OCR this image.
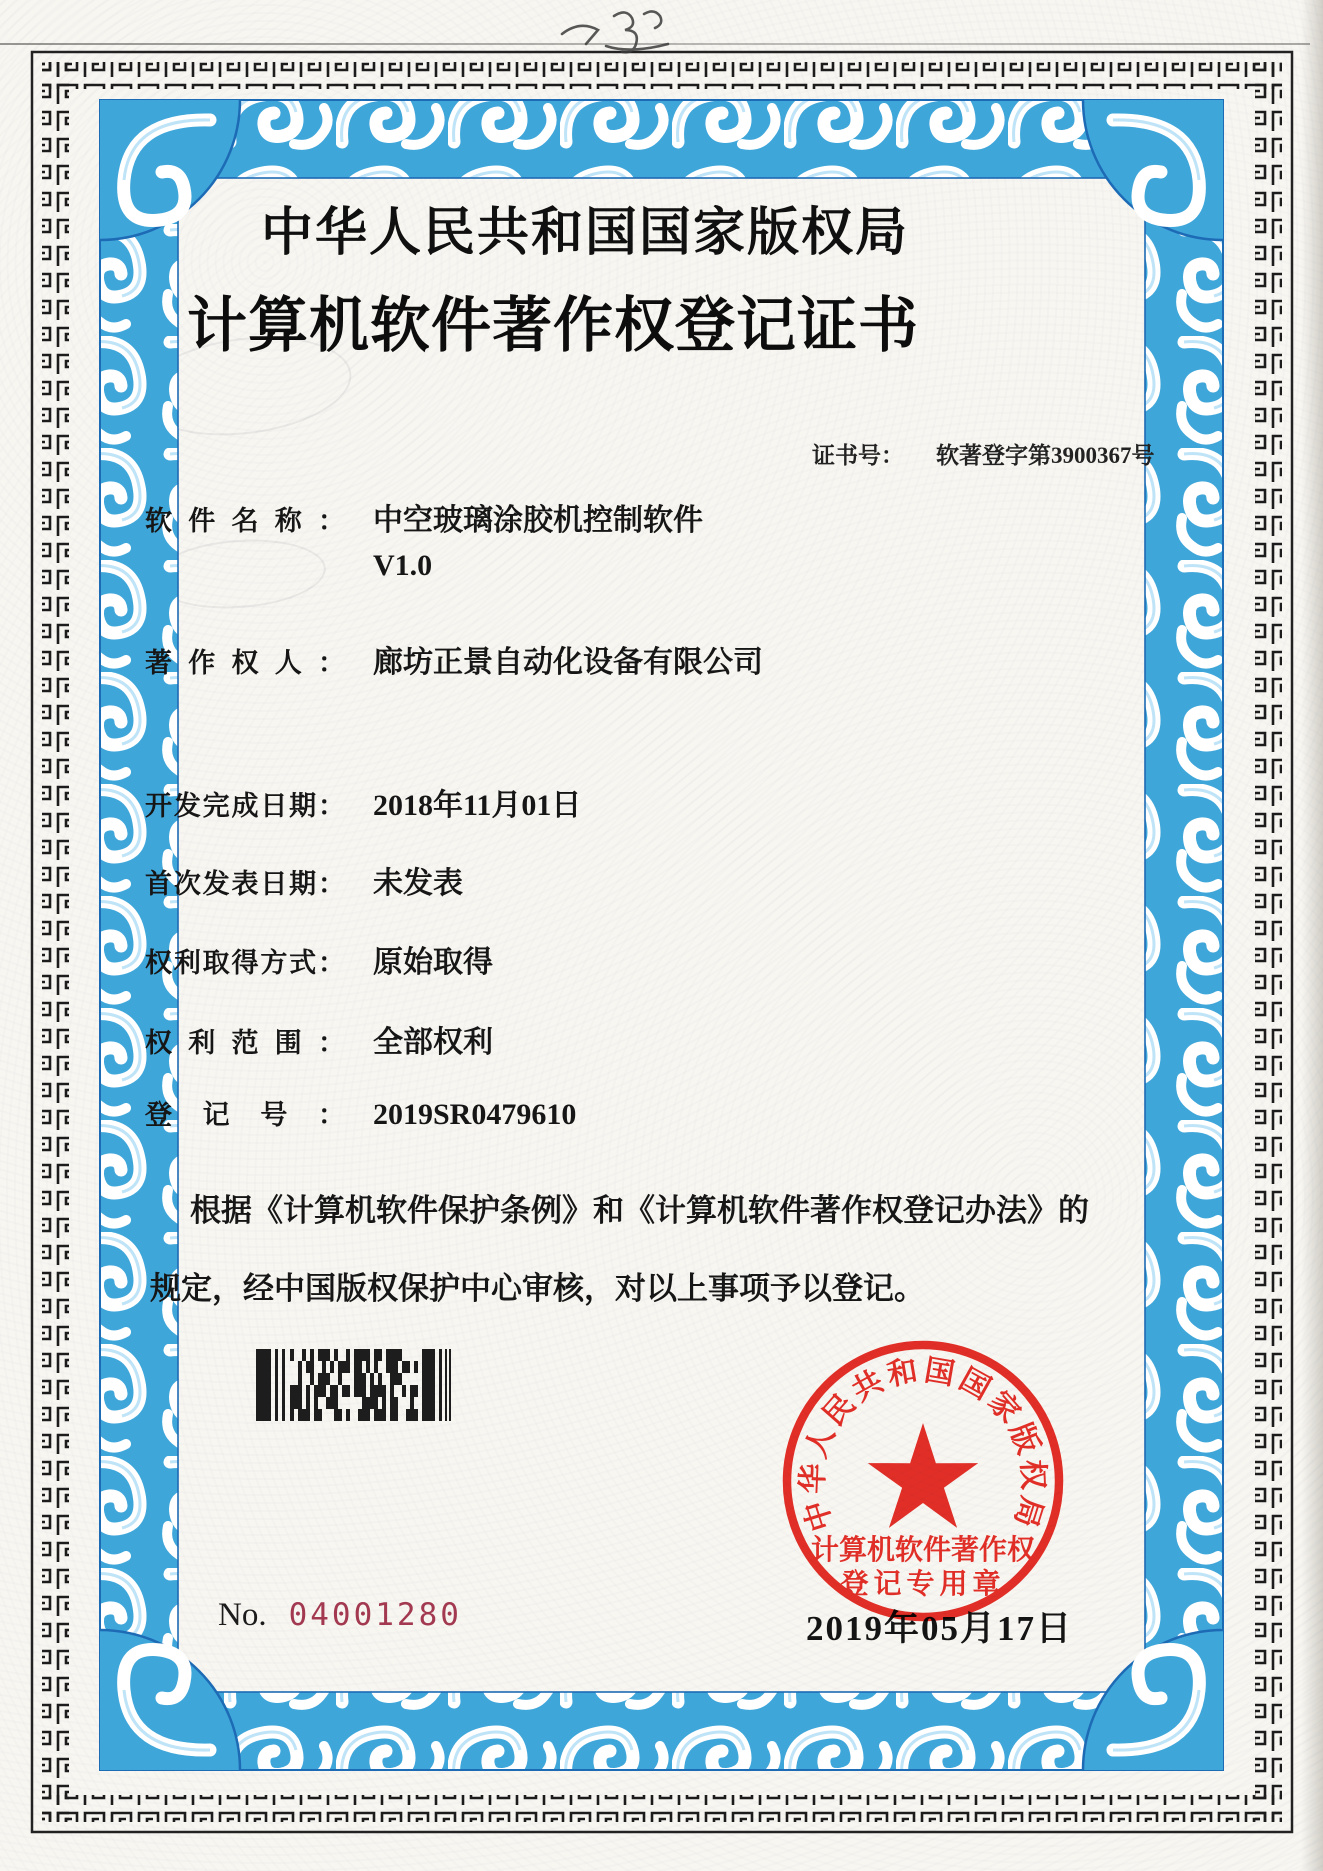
中华人民共和国国家版权局
计算机软件著作权登记证书
证书号： 软著登字第3900367号
软件名称： 中空玻璃涂胶机控制软件
V1.0
著作权人： 廊坊正景自动化设备有限公司
开发完成日期： 2018年11月01日
首次发表日期： 未发表
权利取得方式： 原始取得
权利范围： 全部权利
登记号： 2019SR0479610
根据《计算机软件保护条例》和《计算机软件著作权登记办法》的
规定，经中国版权保护中心审核，对以上事项予以登记。
No. 04001280	2019年05月17日
中华人民共和国国家版权局
计算机软件著作权
登记专用章
